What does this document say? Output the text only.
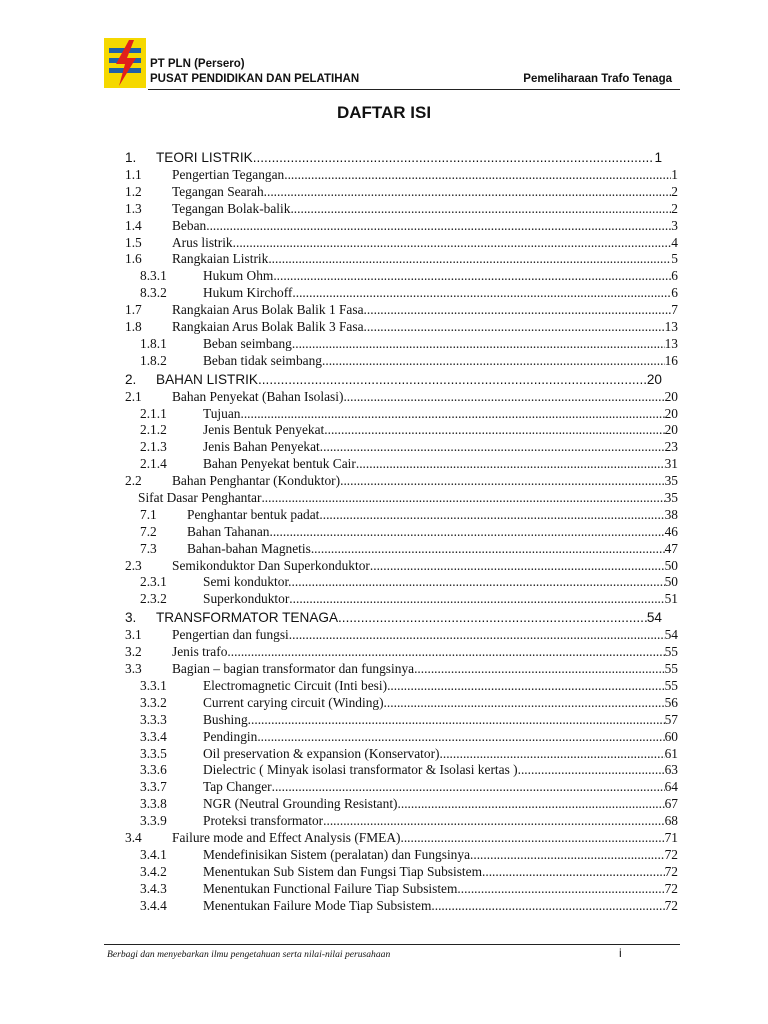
PT PLN (Persero)
PUSAT PENDIDIKAN DAN PELATIHAN	Pemeliharaan Trafo Tenaga
DAFTAR ISI
1. TEORI LISTRIK .....	1
1.1 Pengertian Tegangan .....	1
1.2 Tegangan Searah .....	2
1.3 Tegangan Bolak-balik .....	2
1.4 Beban .....	3
1.5 Arus listrik. .....	4
1.6 Rangkaian Listrik. .....	5
8.3.1	Hukum Ohm .....	6
8.3.2	Hukum Kirchoff .....	6
1.7 Rangkaian Arus Bolak Balik 1 Fasa .....	7
1.8 Rangkaian Arus Bolak Balik 3 Fasa .....	13
1.8.1	Beban seimbang .....	13
1.8.2	Beban tidak seimbang .....	16
2. BAHAN LISTRIK .....	20
2.1 Bahan Penyekat (Bahan Isolasi) .....	20
2.1.1	Tujuan .....	20
2.1.2	Jenis Bentuk Penyekat .....	20
2.1.3	Jenis Bahan Penyekat .....	23
2.1.4	Bahan Penyekat bentuk Cair .....	31
2.2 Bahan Penghantar (Konduktor) .....	35
Sifat Dasar Penghantar .....	35
7.1 Penghantar bentuk padat .....	38
7.2 Bahan Tahanan .....	46
7.3 Bahan-bahan Magnetis. .....	47
2.3 Semikonduktor Dan Superkonduktor .....	50
2.3.1	Semi konduktor. .....	50
2.3.2	Superkonduktor .....	51
3. TRANSFORMATOR TENAGA .....	54
3.1 Pengertian dan fungsi .....	54
3.2 Jenis trafo .....	55
3.3 Bagian – bagian transformator dan fungsinya .....	55
3.3.1	Electromagnetic Circuit (Inti besi) .....	55
3.3.2	Current carying circuit (Winding) .....	56
3.3.3	Bushing .....	57
3.3.4	Pendingin .....	60
3.3.5	Oil preservation & expansion (Konservator) .....	61
3.3.6	Dielectric ( Minyak isolasi transformator & Isolasi kertas ) .....	63
3.3.7	Tap Changer .....	64
3.3.8	NGR (Neutral Grounding Resistant) .....	67
3.3.9	Proteksi transformator .....	68
3.4 Failure mode and Effect Analysis (FMEA) .....	71
3.4.1	Mendefinisikan Sistem (peralatan) dan Fungsinya .....	72
3.4.2	Menentukan Sub Sistem dan Fungsi Tiap Subsistem .....	72
3.4.3	Menentukan Functional Failure Tiap Subsistem .....	72
3.4.4	Menentukan Failure Mode Tiap Subsistem .....	72
Berbagi dan menyebarkan ilmu pengetahuan serta nilai-nilai perusahaan	i
